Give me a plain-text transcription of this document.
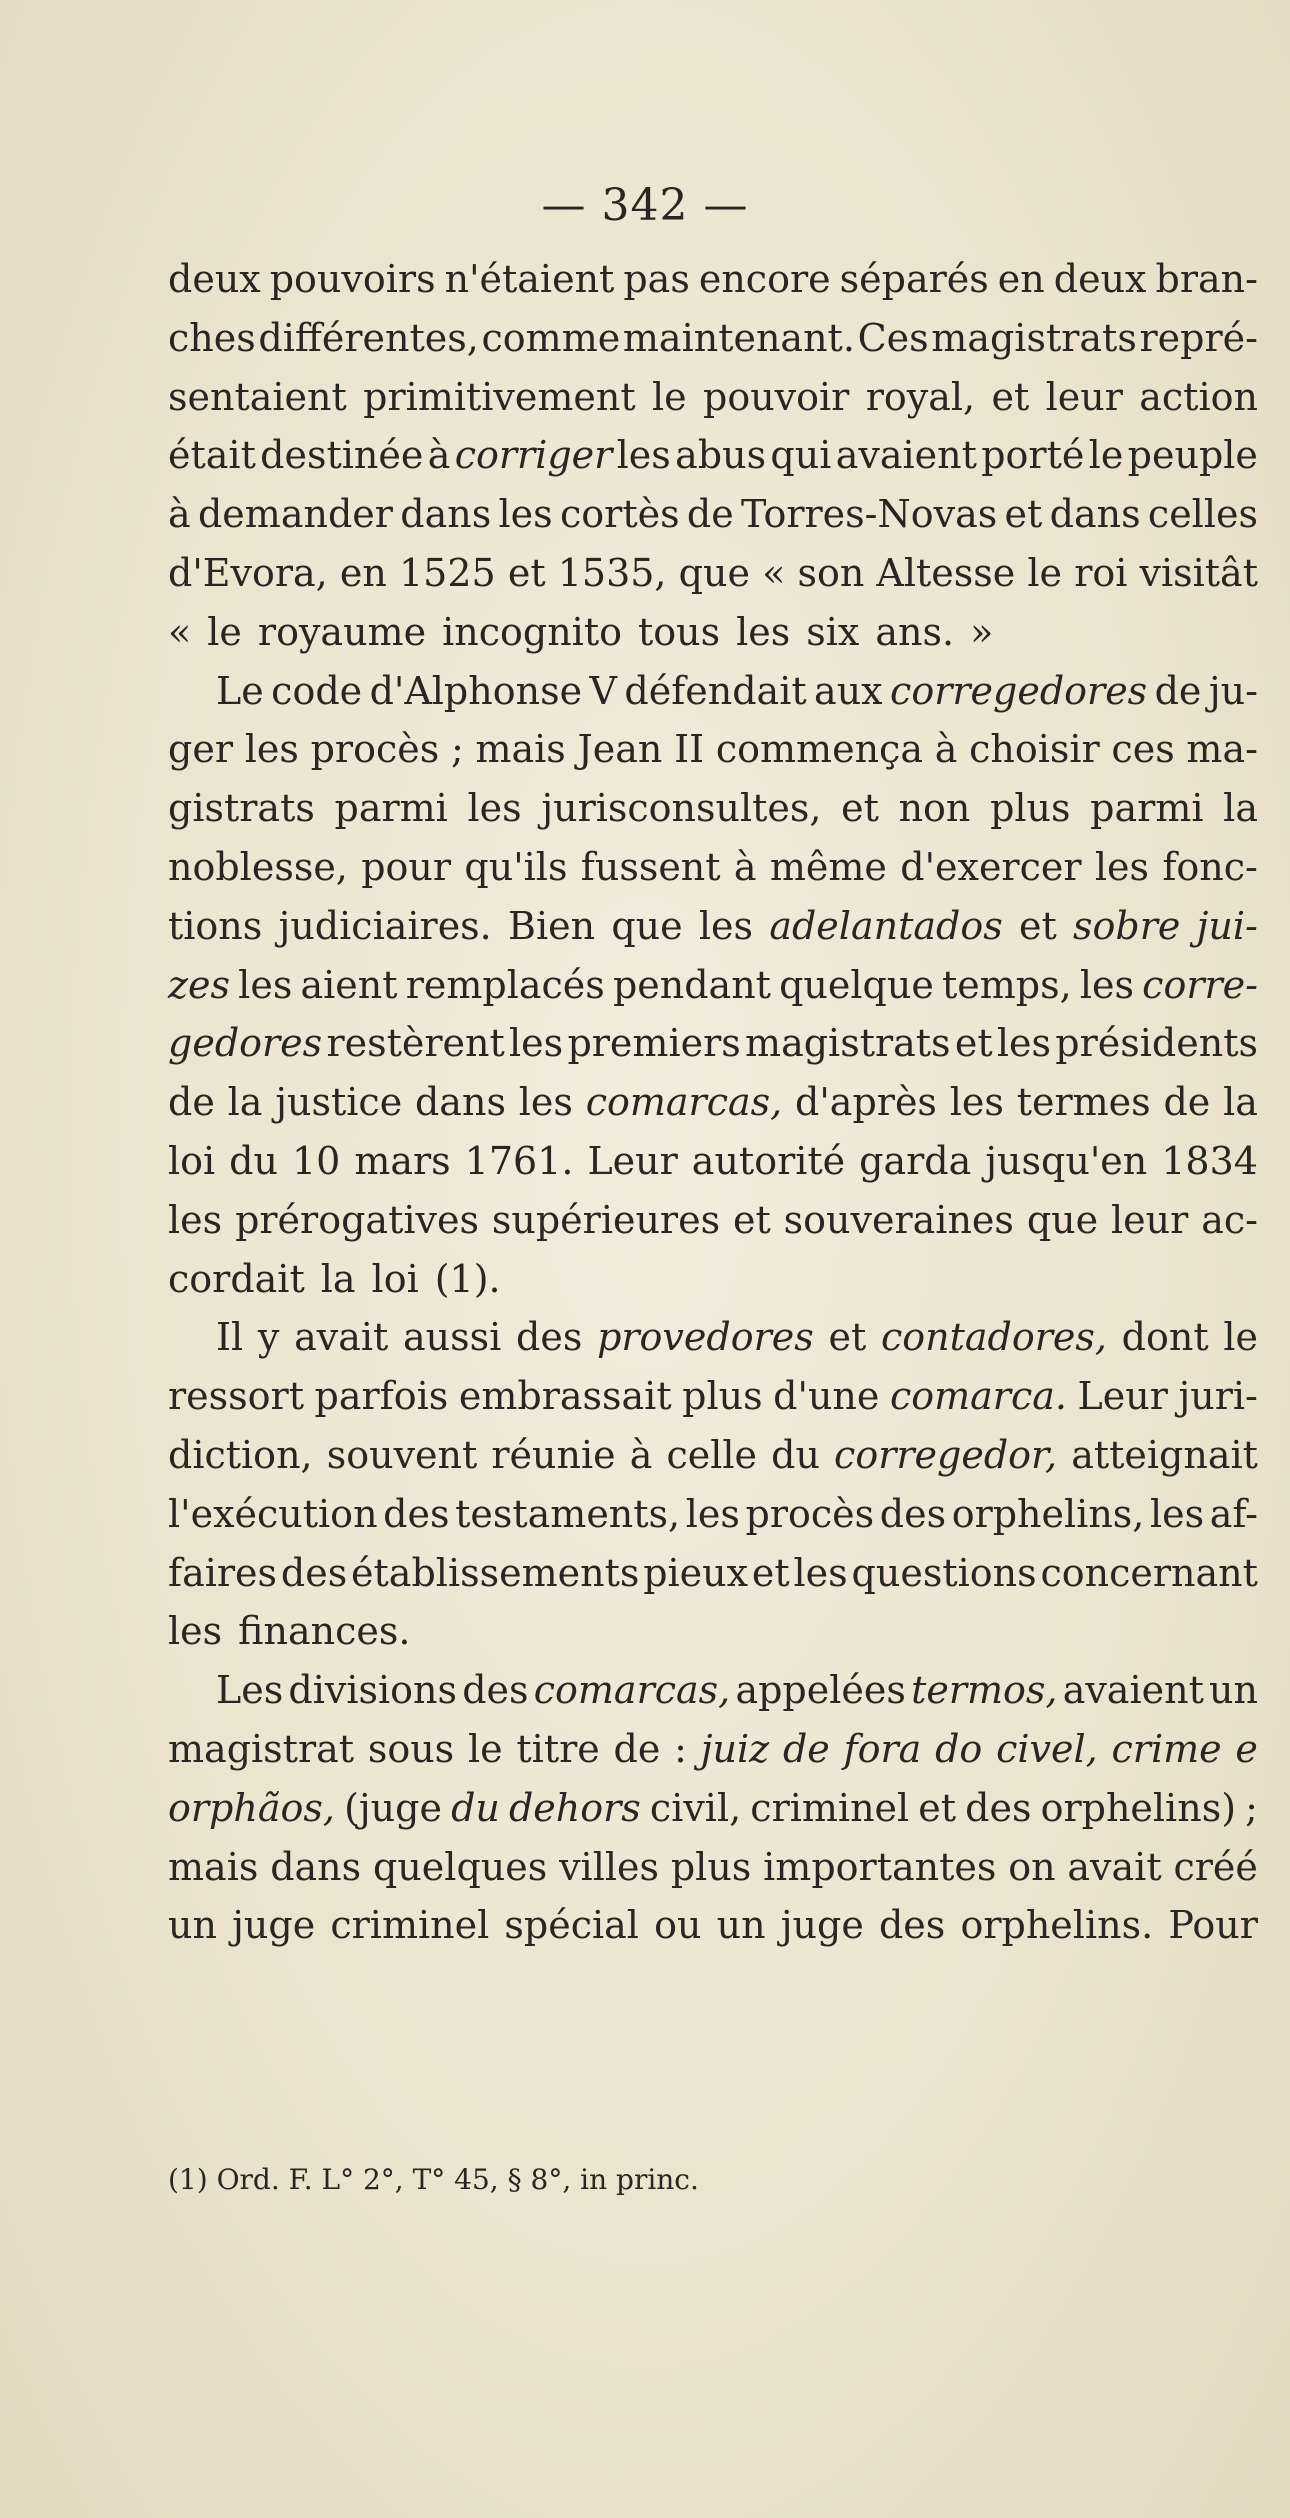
— 342 —
deux pouvoirs n'étaient pas encore séparés en deux bran-
ches différentes, comme maintenant. Ces magistrats repré-
sentaient primitivement le pouvoir royal, et leur action
était destinée à corriger les abus qui avaient porté le peuple
à demander dans les cortès de Torres-Novas et dans celles
d'Evora, en 1525 et 1535, que « son Altesse le roi visitât
« le royaume incognito tous les six ans. »
Le code d'Alphonse V défendait aux corregedores de ju-
ger les procès ; mais Jean II commença à choisir ces ma-
gistrats parmi les jurisconsultes, et non plus parmi la
noblesse, pour qu'ils fussent à même d'exercer les fonc-
tions judiciaires. Bien que les adelantados et sobre jui-
zes les aient remplacés pendant quelque temps, les corre-
gedores restèrent les premiers magistrats et les présidents
de la justice dans les comarcas, d'après les termes de la
loi du 10 mars 1761. Leur autorité garda jusqu'en 1834
les prérogatives supérieures et souveraines que leur ac-
cordait la loi (1).
Il y avait aussi des provedores et contadores, dont le
ressort parfois embrassait plus d'une comarca. Leur juri-
diction, souvent réunie à celle du corregedor, atteignait
l'exécution des testaments, les procès des orphelins, les af-
faires des établissements pieux et les questions concernant
les finances.
Les divisions des comarcas, appelées termos, avaient un
magistrat sous le titre de : juiz de fora do civel, crime e
orphãos, (juge du dehors civil, criminel et des orphelins) ;
mais dans quelques villes plus importantes on avait créé
un juge criminel spécial ou un juge des orphelins. Pour
(1) Ord. F. L° 2°, T° 45, § 8°, in princ.
